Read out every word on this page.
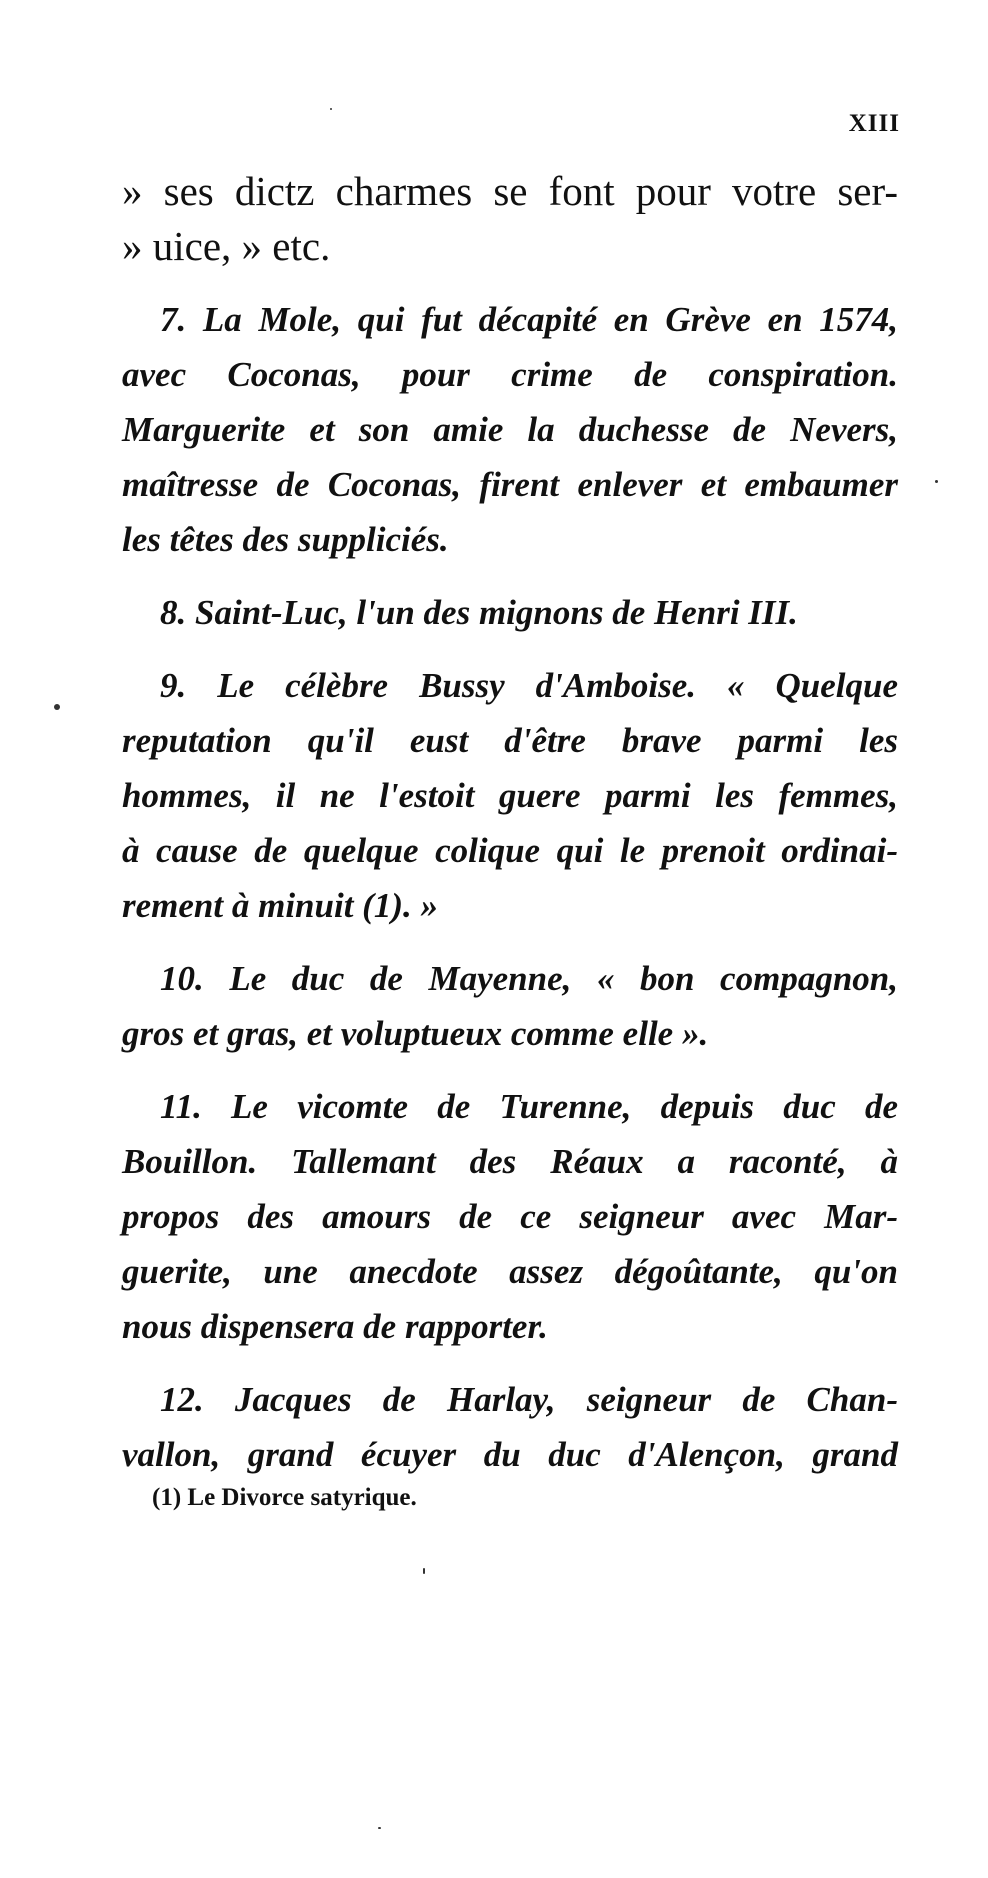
XIII
» ses dictz charmes se font pour votre ser-
» uice, » etc.
7. La Mole, qui fut décapité en Grève en 1574,
avec Coconas, pour crime de conspiration.
Marguerite et son amie la duchesse de Nevers,
maîtresse de Coconas, firent enlever et embaumer
les têtes des suppliciés.
8. Saint-Luc, l'un des mignons de Henri III.
9. Le célèbre Bussy d'Amboise. « Quelque
reputation qu'il eust d'être brave parmi les
hommes, il ne l'estoit guere parmi les femmes,
à cause de quelque colique qui le prenoit ordinai-
rement à minuit (1). »
10. Le duc de Mayenne, « bon compagnon,
gros et gras, et voluptueux comme elle ».
11. Le vicomte de Turenne, depuis duc de
Bouillon. Tallemant des Réaux a raconté, à
propos des amours de ce seigneur avec Mar-
guerite, une anecdote assez dégoûtante, qu'on
nous dispensera de rapporter.
12. Jacques de Harlay, seigneur de Chan-
vallon, grand écuyer du duc d'Alençon, grand
(1) Le Divorce satyrique.
